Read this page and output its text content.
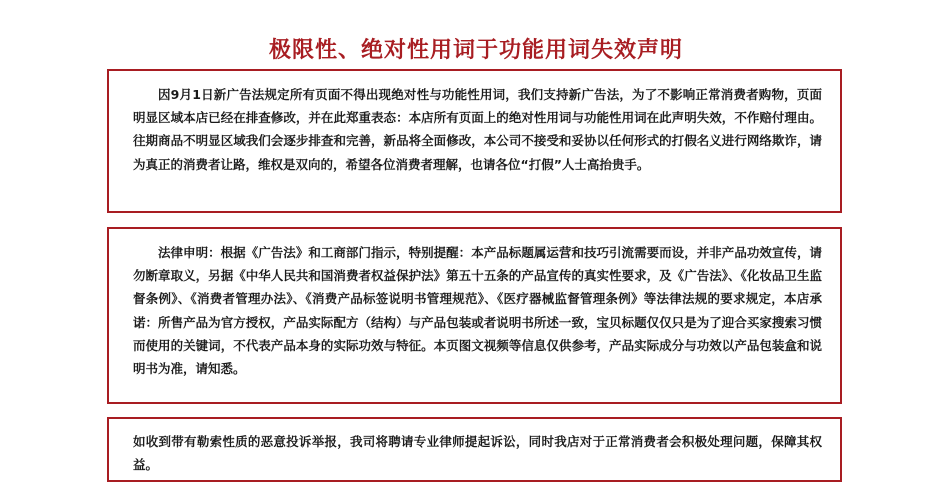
极限性、绝对性用词于功能用词失效声明

因9月1日新广告法规定所有页面不得出现绝对性与功能性用词，我们支持新广告法，为了不影响正常消费者购物，页面明显区域本店已经在排查修改，并在此郑重表态：本店所有页面上的绝对性用词与功能性用词在此声明失效，不作赔付理由。往期商品不明显区域我们会逐步排查和完善，新品将全面修改，本公司不接受和妥协以任何形式的打假名义进行网络欺诈，请为真正的消费者让路，维权是双向的，希望各位消费者理解，也请各位“打假”人士高抬贵手。

法律申明：根据《广告法》和工商部门指示，特别提醒：本产品标题属运营和技巧引流需要而设，并非产品功效宣传，请勿断章取义，另据《中华人民共和国消费者权益保护法》第五十五条的产品宣传的真实性要求，及《广告法》、《化妆品卫生监督条例》、《消费者管理办法》、《消费产品标签说明书管理规范》、《医疗器械监督管理条例》等法律法规的要求规定，本店承诺：所售产品为官方授权，产品实际配方（结构）与产品包装或者说明书所述一致，宝贝标题仅仅只是为了迎合买家搜索习惯而使用的关键词，不代表产品本身的实际功效与特征。本页图文视频等信息仅供参考，产品实际成分与功效以产品包装盒和说明书为准，请知悉。

如收到带有勒索性质的恶意投诉举报，我司将聘请专业律师提起诉讼，同时我店对于正常消费者会积极处理问题，保障其权益。
